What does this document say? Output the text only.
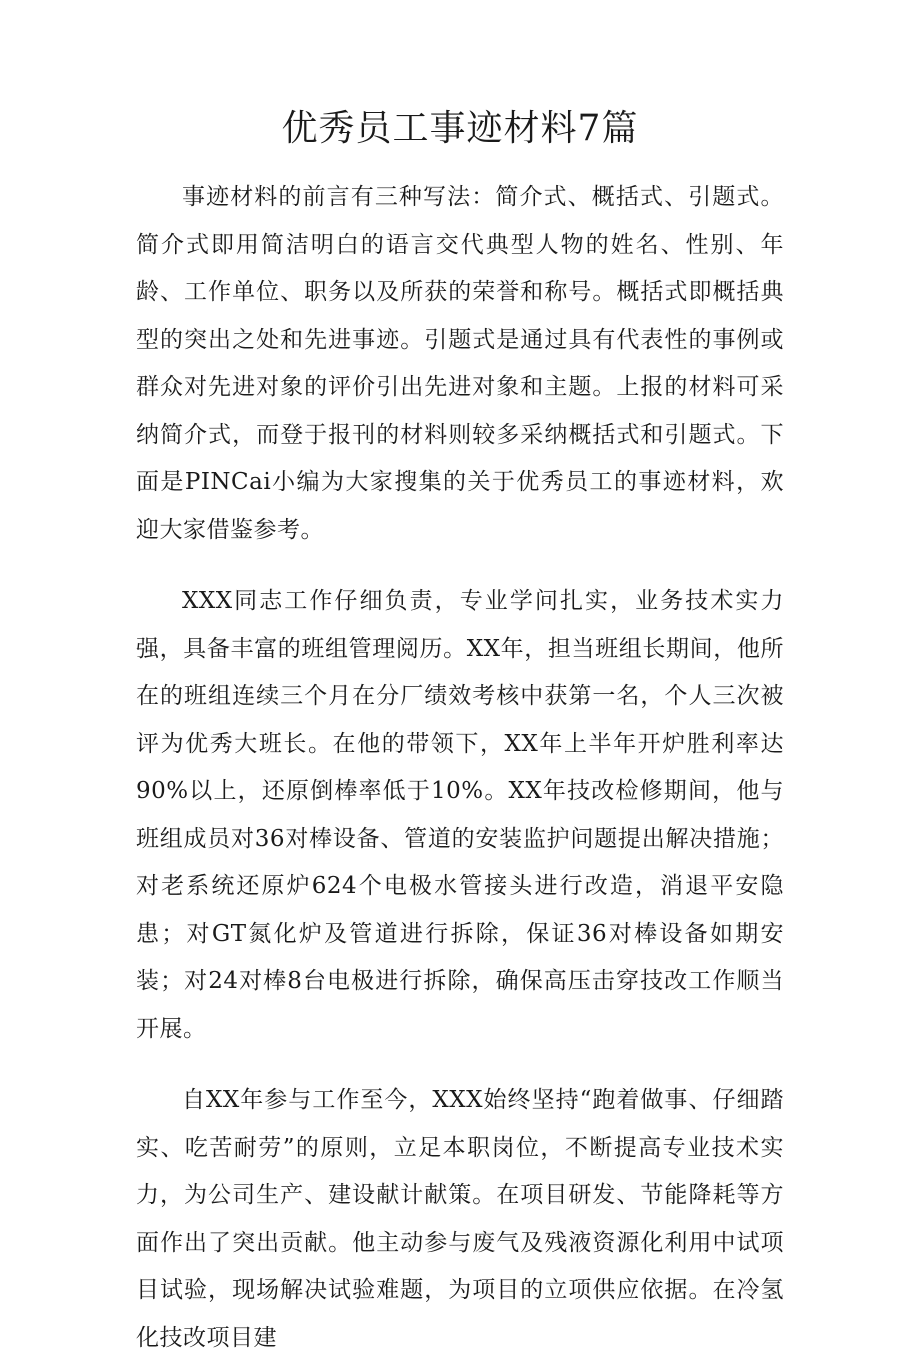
优秀员工事迹材料7篇

事迹材料的前言有三种写法：简介式、概括式、引题式。简介式即用简洁明白的语言交代典型人物的姓名、性别、年龄、工作单位、职务以及所获的荣誉和称号。概括式即概括典型的突出之处和先进事迹。引题式是通过具有代表性的事例或群众对先进对象的评价引出先进对象和主题。上报的材料可采纳简介式，而登于报刊的材料则较多采纳概括式和引题式。下面是PINCai小编为大家搜集的关于优秀员工的事迹材料，欢迎大家借鉴参考。

XXX同志工作仔细负责，专业学问扎实，业务技术实力强，具备丰富的班组管理阅历。XX年，担当班组长期间，他所在的班组连续三个月在分厂绩效考核中获第一名，个人三次被评为优秀大班长。在他的带领下，XX年上半年开炉胜利率达90%以上，还原倒棒率低于10%。XX年技改检修期间，他与班组成员对36对棒设备、管道的安装监护问题提出解决措施；对老系统还原炉624个电极水管接头进行改造，消退平安隐患；对GT氮化炉及管道进行拆除，保证36对棒设备如期安装；对24对棒8台电极进行拆除，确保高压击穿技改工作顺当开展。

自XX年参与工作至今，XXX始终坚持“跑着做事、仔细踏实、吃苦耐劳”的原则，立足本职岗位，不断提高专业技术实力，为公司生产、建设献计献策。在项目研发、节能降耗等方面作出了突出贡献。他主动参与废气及残液资源化利用中试项目试验，现场解决试验难题，为项目的立项供应依据。在冷氢化技改项目建
